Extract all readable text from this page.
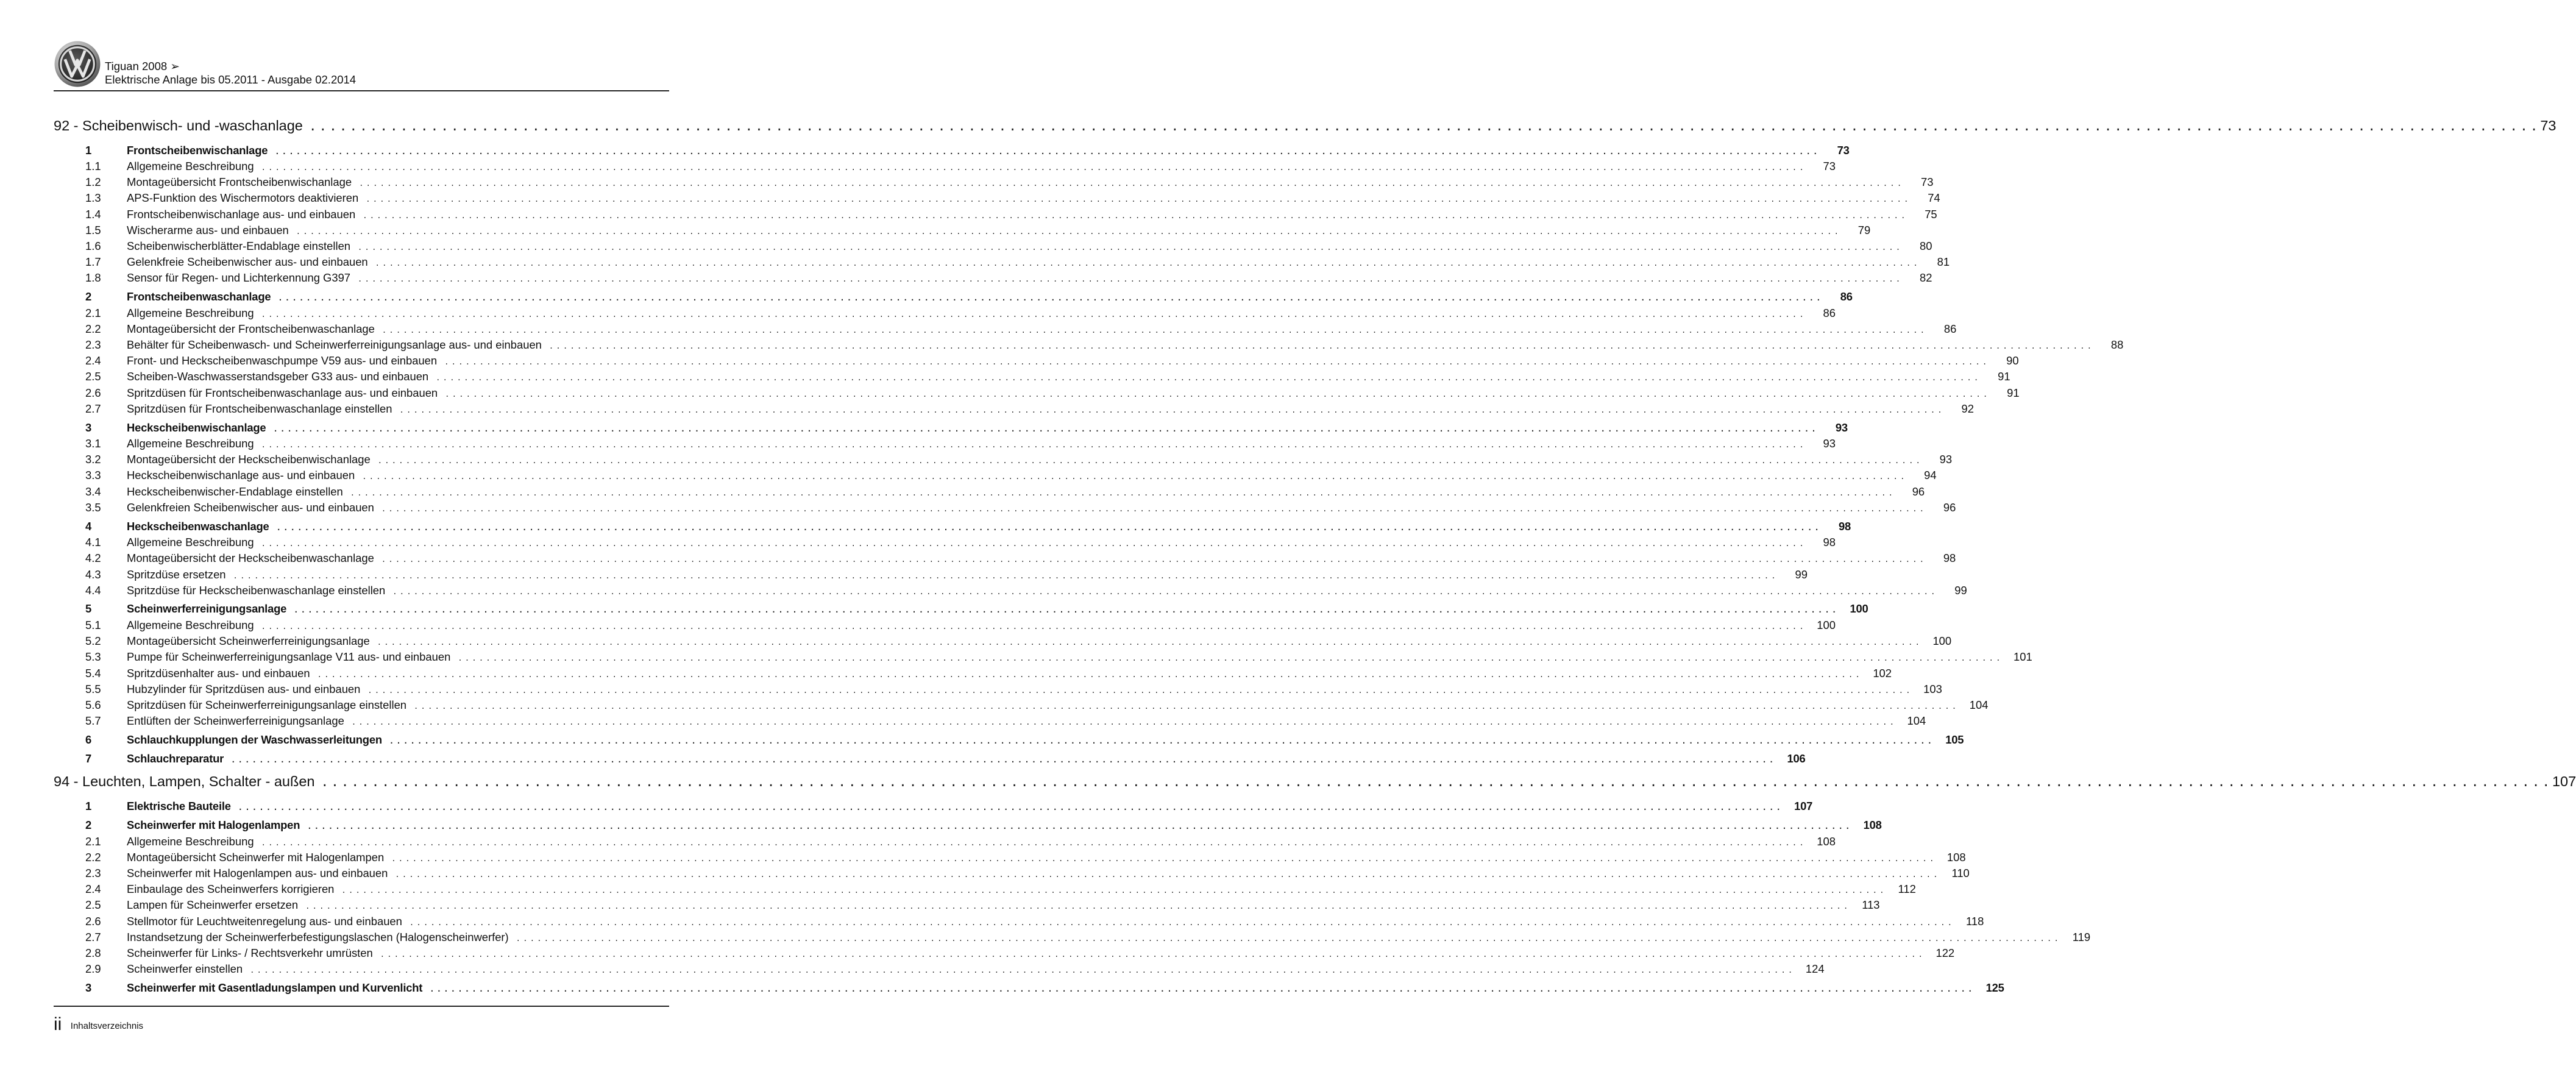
Tiguan 2008 ➢
Elektrische Anlage bis 05.2011 - Ausgabe 02.2014
92 - Scheibenwisch- und -waschanlage ............................................................................................................................................................................................................................ 73
1	Frontscheibenwischanlage	............................................................................................................................................................................................................................	73
1.1	Allgemeine Beschreibung	............................................................................................................................................................................................................................	73
1.2	Montageübersicht Frontscheibenwischanlage	............................................................................................................................................................................................................................	73
1.3	APS-Funktion des Wischermotors deaktivieren	............................................................................................................................................................................................................................	74
1.4	Frontscheibenwischanlage aus- und einbauen	............................................................................................................................................................................................................................	75
1.5	Wischerarme aus- und einbauen	............................................................................................................................................................................................................................	79
1.6	Scheibenwischerblätter-Endablage einstellen	............................................................................................................................................................................................................................	80
1.7	Gelenkfreie Scheibenwischer aus- und einbauen	............................................................................................................................................................................................................................	81
1.8	Sensor für Regen- und Lichterkennung G397	............................................................................................................................................................................................................................	82
2	Frontscheibenwaschanlage	............................................................................................................................................................................................................................	86
2.1	Allgemeine Beschreibung	............................................................................................................................................................................................................................	86
2.2	Montageübersicht der Frontscheibenwaschanlage	............................................................................................................................................................................................................................	86
2.3	Behälter für Scheibenwasch- und Scheinwerferreinigungsanlage aus- und einbauen	............................................................................................................................................................................................................................	88
2.4	Front- und Heckscheibenwaschpumpe V59 aus- und einbauen	............................................................................................................................................................................................................................	90
2.5	Scheiben-Waschwasserstandsgeber G33 aus- und einbauen	............................................................................................................................................................................................................................	91
2.6	Spritzdüsen für Frontscheibenwaschanlage aus- und einbauen	............................................................................................................................................................................................................................	91
2.7	Spritzdüsen für Frontscheibenwaschanlage einstellen	............................................................................................................................................................................................................................	92
3	Heckscheibenwischanlage	............................................................................................................................................................................................................................	93
3.1	Allgemeine Beschreibung	............................................................................................................................................................................................................................	93
3.2	Montageübersicht der Heckscheibenwischanlage	............................................................................................................................................................................................................................	93
3.3	Heckscheibenwischanlage aus- und einbauen	............................................................................................................................................................................................................................	94
3.4	Heckscheibenwischer-Endablage einstellen	............................................................................................................................................................................................................................	96
3.5	Gelenkfreien Scheibenwischer aus- und einbauen	............................................................................................................................................................................................................................	96
4	Heckscheibenwaschanlage	............................................................................................................................................................................................................................	98
4.1	Allgemeine Beschreibung	............................................................................................................................................................................................................................	98
4.2	Montageübersicht der Heckscheibenwaschanlage	............................................................................................................................................................................................................................	98
4.3	Spritzdüse ersetzen	............................................................................................................................................................................................................................	99
4.4	Spritzdüse für Heckscheibenwaschanlage einstellen	............................................................................................................................................................................................................................	99
5	Scheinwerferreinigungsanlage	............................................................................................................................................................................................................................ 100
5.1	Allgemeine Beschreibung	............................................................................................................................................................................................................................ 100
5.2	Montageübersicht Scheinwerferreinigungsanlage	............................................................................................................................................................................................................................ 100
5.3	Pumpe für Scheinwerferreinigungsanlage V11 aus- und einbauen	............................................................................................................................................................................................................................ 101
5.4	Spritzdüsenhalter aus- und einbauen	............................................................................................................................................................................................................................ 102
5.5	Hubzylinder für Spritzdüsen aus- und einbauen	............................................................................................................................................................................................................................ 103
5.6	Spritzdüsen für Scheinwerferreinigungsanlage einstellen	............................................................................................................................................................................................................................ 104
5.7	Entlüften der Scheinwerferreinigungsanlage	............................................................................................................................................................................................................................ 104
6	Schlauchkupplungen der Waschwasserleitungen	............................................................................................................................................................................................................................ 105
7	Schlauchreparatur	............................................................................................................................................................................................................................ 106
94 - Leuchten, Lampen, Schalter - außen ............................................................................................................................................................................................................................ 107
1	Elektrische Bauteile	............................................................................................................................................................................................................................ 107
2	Scheinwerfer mit Halogenlampen	............................................................................................................................................................................................................................ 108
2.1	Allgemeine Beschreibung	............................................................................................................................................................................................................................ 108
2.2	Montageübersicht Scheinwerfer mit Halogenlampen	............................................................................................................................................................................................................................ 108
2.3	Scheinwerfer mit Halogenlampen aus- und einbauen	............................................................................................................................................................................................................................	110
2.4	Einbaulage des Scheinwerfers korrigieren	............................................................................................................................................................................................................................	112
2.5	Lampen für Scheinwerfer ersetzen	............................................................................................................................................................................................................................	113
2.6	Stellmotor für Leuchtweitenregelung aus- und einbauen	............................................................................................................................................................................................................................	118
2.7	Instandsetzung der Scheinwerferbefestigungslaschen (Halogenscheinwerfer)	............................................................................................................................................................................................................................	119
2.8	Scheinwerfer für Links- / Rechtsverkehr umrüsten	............................................................................................................................................................................................................................ 122
2.9	Scheinwerfer einstellen	............................................................................................................................................................................................................................ 124
3	Scheinwerfer mit Gasentladungslampen und Kurvenlicht	............................................................................................................................................................................................................................ 125
ii Inhaltsverzeichnis
